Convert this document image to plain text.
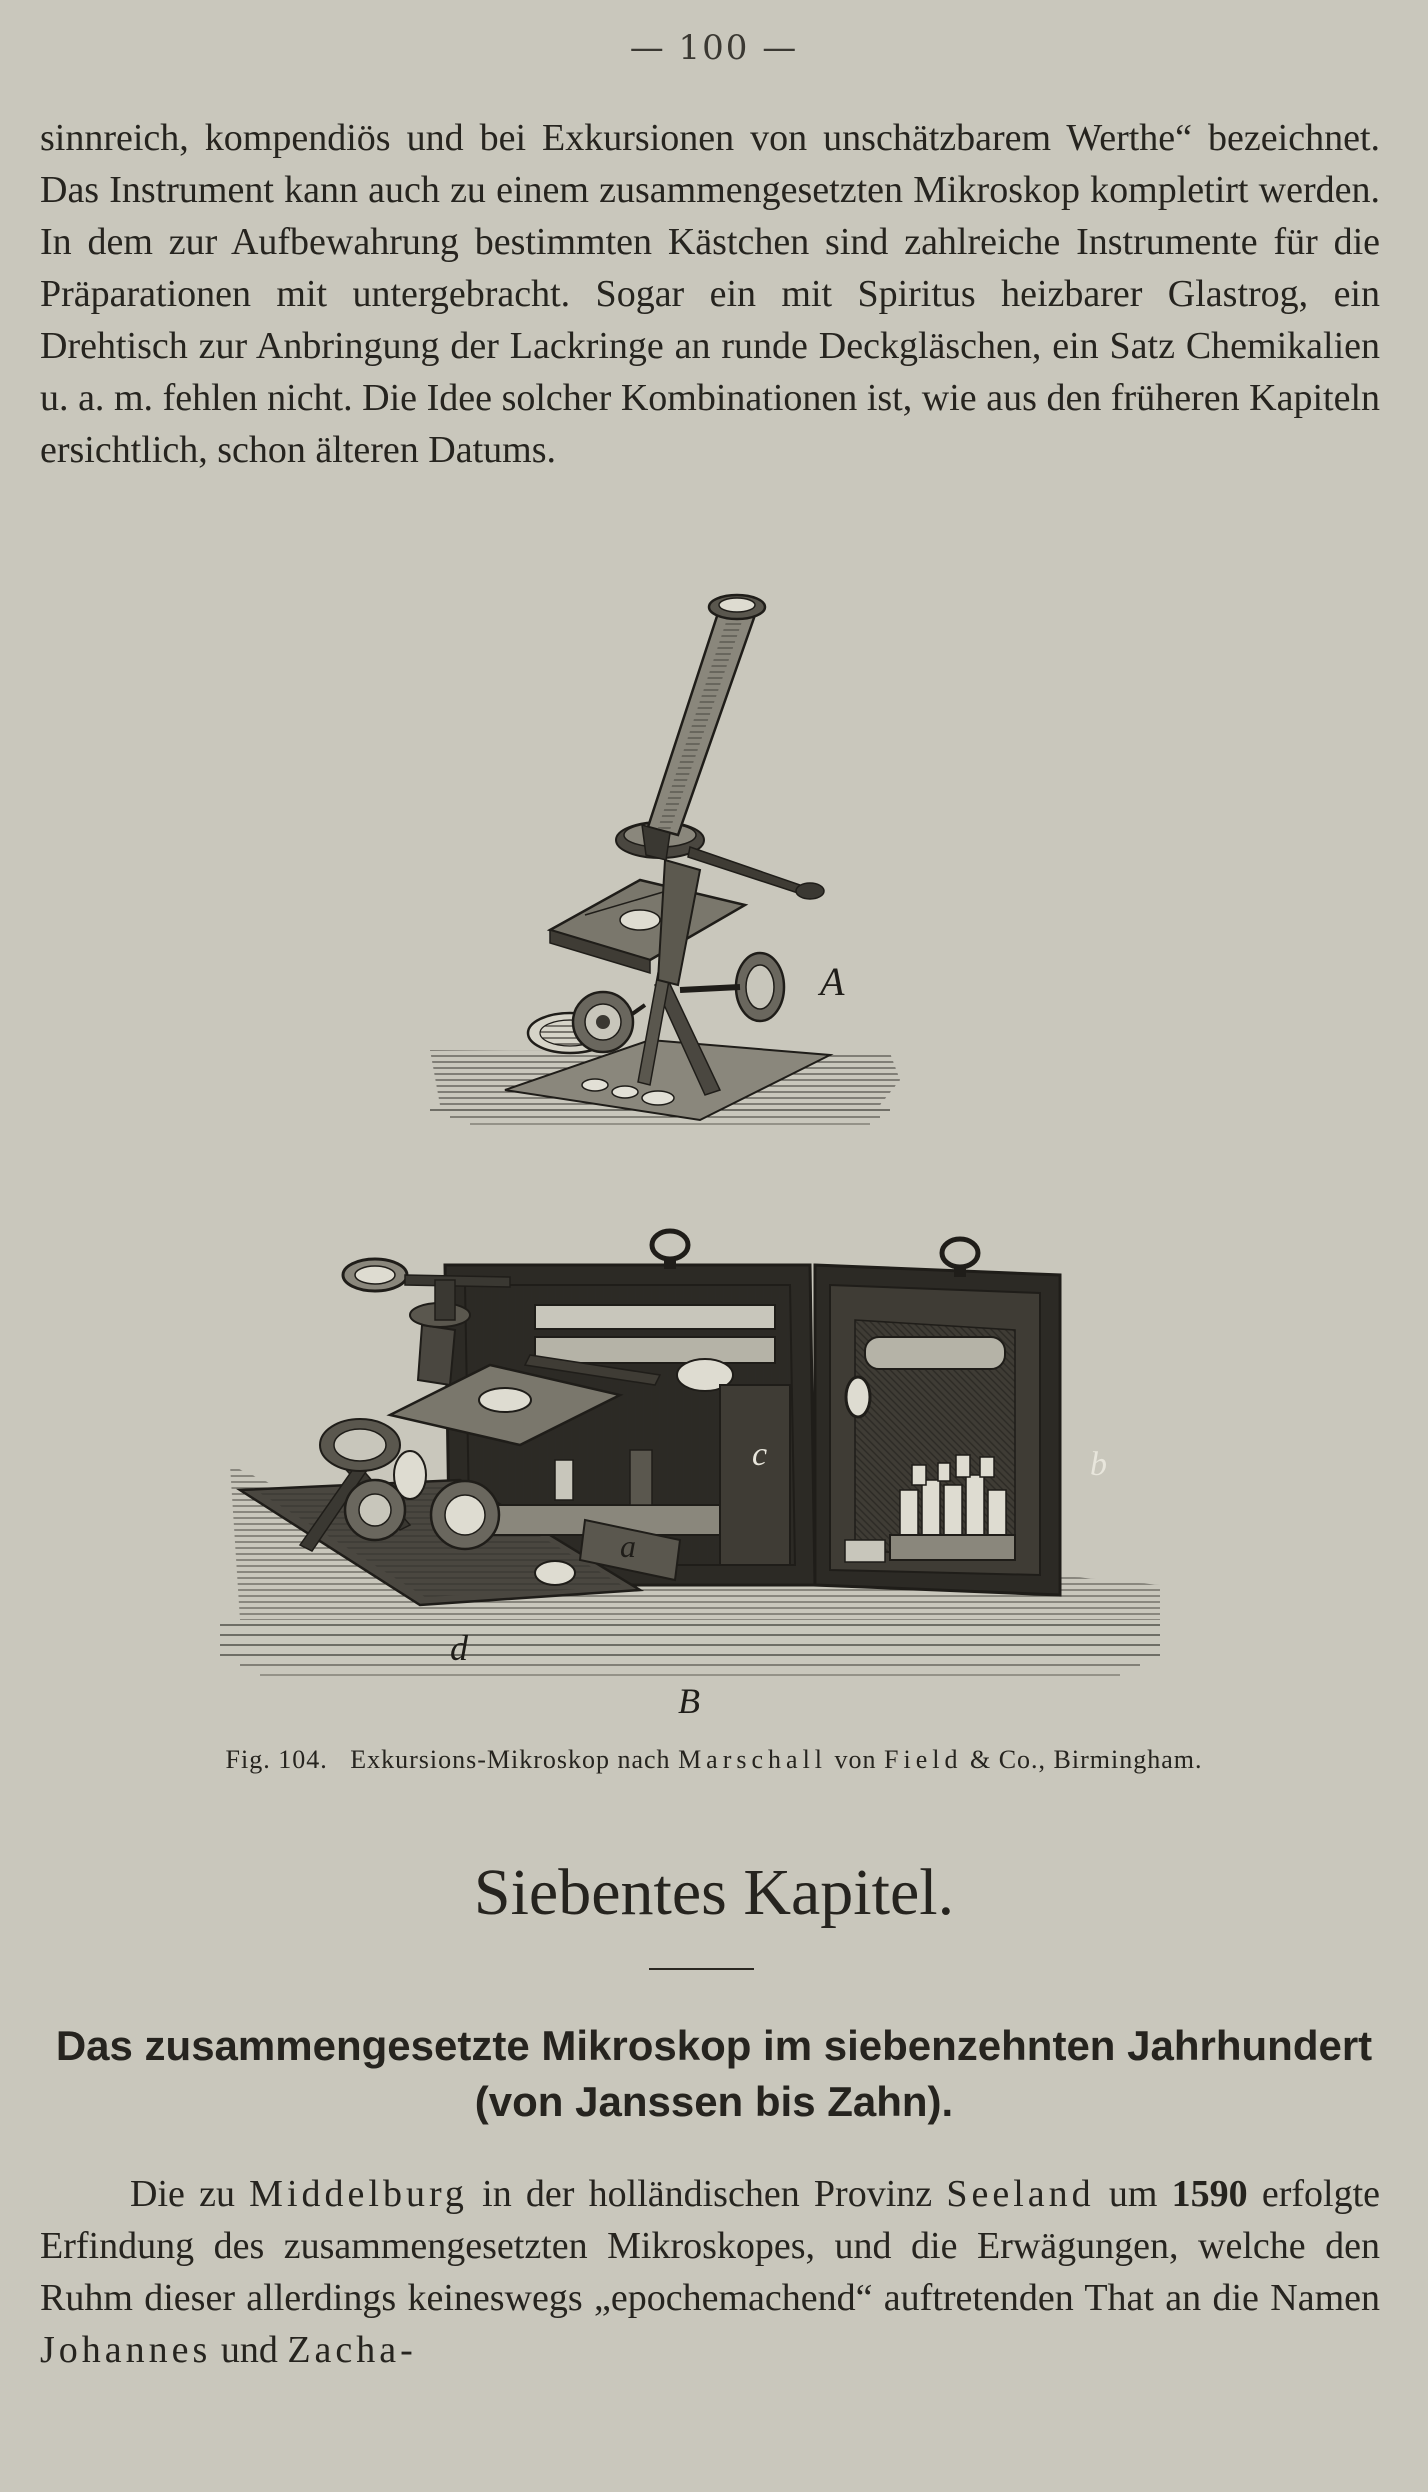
— 100 —

sinnreich, kompendiös und bei Exkursionen von unschätzbarem Werthe“ bezeichnet. Das Instrument kann auch zu einem zusammengesetzten Mikroskop kompletirt werden. In dem zur Aufbewahrung bestimmten Kästchen sind zahlreiche Instrumente für die Präparationen mit untergebracht. Sogar ein mit Spiritus heizbarer Glastrog, ein Drehtisch zur Anbringung der Lackringe an runde Deckgläschen, ein Satz Chemikalien u. a. m. fehlen nicht. Die Idee solcher Kombinationen ist, wie aus den früheren Kapiteln ersichtlich, schon älteren Datums.

A
c	b
a
d
B
Fig. 104. Exkursions-Mikroskop nach Marschall von Field & Co., Birmingham.
Siebentes Kapitel.
Das zusammengesetzte Mikroskop im siebenzehnten Jahrhundert (von Janssen bis Zahn).

Die zu Middelburg in der holländischen Provinz Seeland um 1590 erfolgte Erfindung des zusammengesetzten Mikroskopes, und die Erwägungen, welche den Ruhm dieser allerdings keineswegs „epochemachend“ auftretenden That an die Namen Johannes und Zacha-
